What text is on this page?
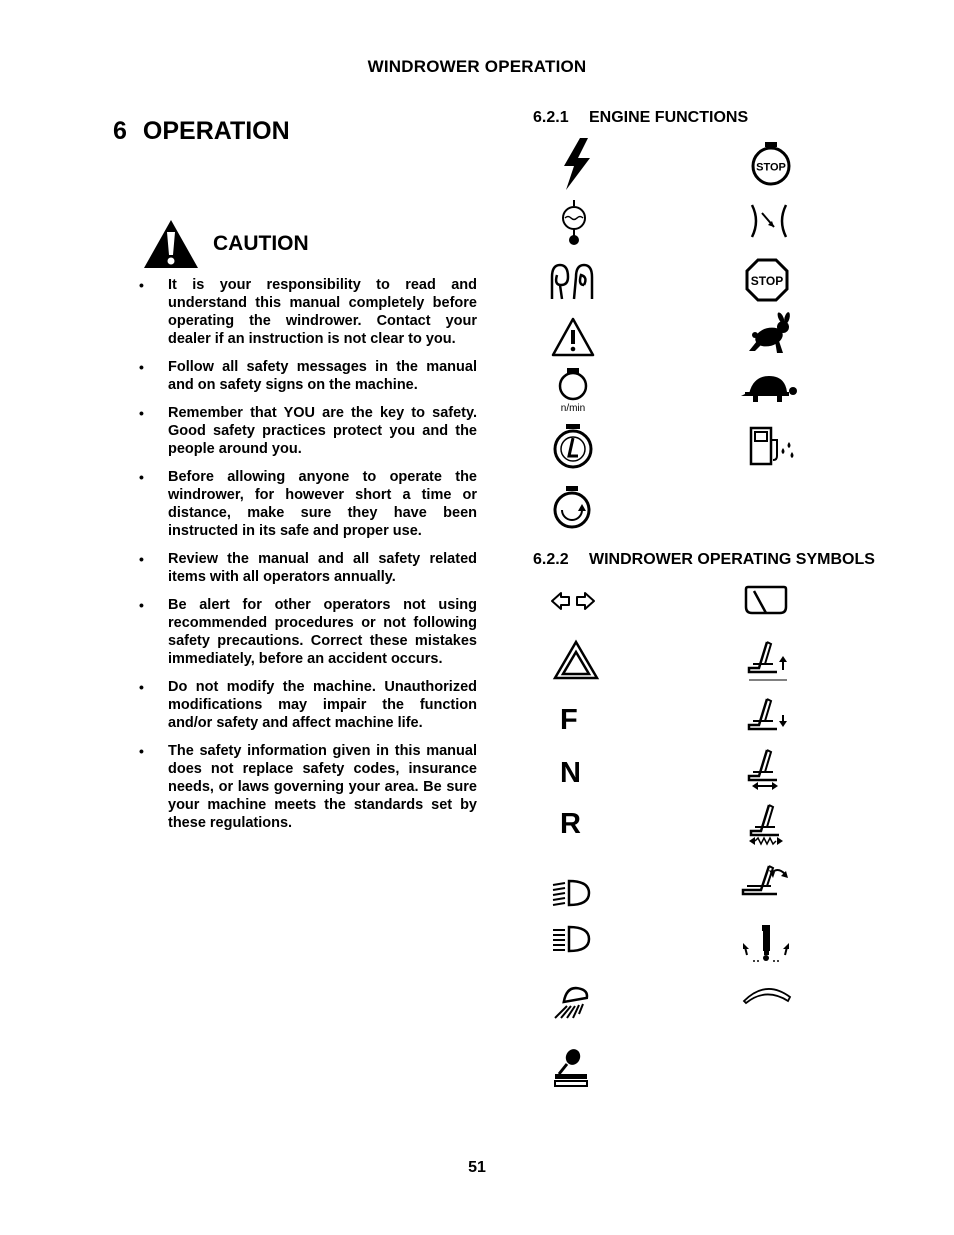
WINDROWER OPERATION
6 OPERATION
CAUTION
• It is your responsibility to read and understand this manual completely before operating the windrower. Contact your dealer if an instruction is not clear to you.
• Follow all safety messages in the manual and on safety signs on the machine.
• Remember that YOU are the key to safety. Good safety practices protect you and the people around you.
• Before allowing anyone to operate the windrower, for however short a time or distance, make sure they have been instructed in its safe and proper use.
• Review the manual and all safety related items with all operators annually.
• Be alert for other operators not using recommended procedures or not following safety precautions. Correct these mistakes immediately, before an accident occurs.
• Do not modify the machine. Unauthorized modifications may impair the function and/or safety and affect machine life.
• The safety information given in this manual does not replace safety codes, insurance needs, or laws governing your area. Be sure your machine meets the standards set by these regulations.
6.2.1 ENGINE FUNCTIONS
STOP
STOP
n/min
6.2.2 WINDROWER OPERATING SYMBOLS
F
N
R
51
